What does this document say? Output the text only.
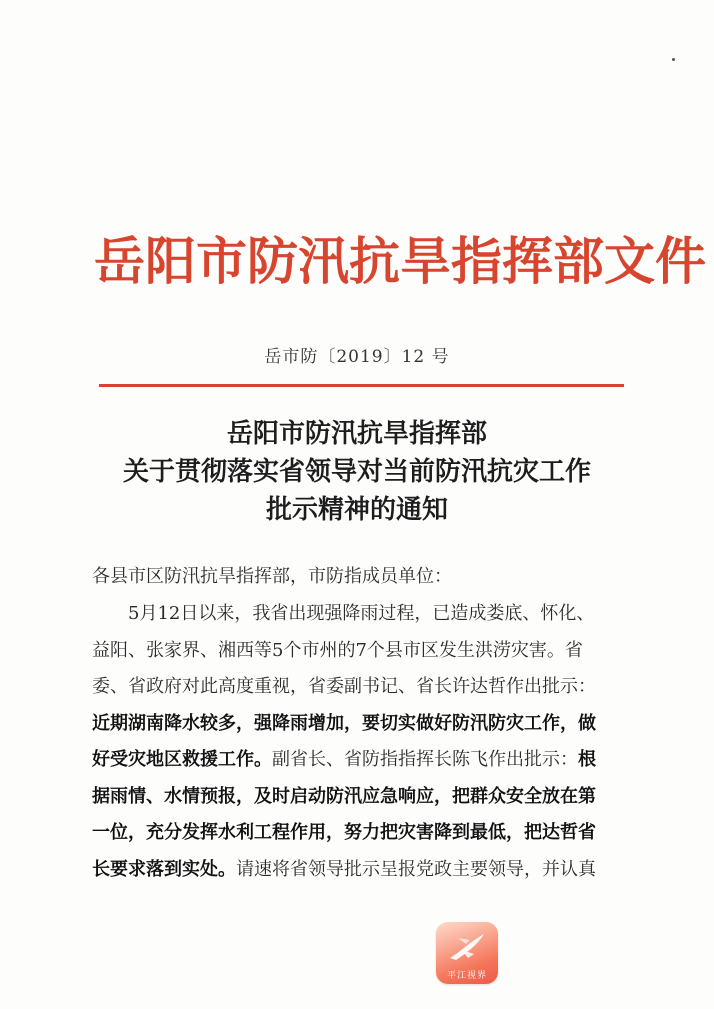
岳阳市防汛抗旱指挥部文件
岳市防〔2019〕12 号
岳阳市防汛抗旱指挥部
关于贯彻落实省领导对当前防汛抗灾工作
批示精神的通知
各县市区防汛抗旱指挥部，市防指成员单位：
5月12日以来，我省出现强降雨过程，已造成娄底、怀化、
益阳、张家界、湘西等5个市州的7个县市区发生洪涝灾害。省
委、省政府对此高度重视，省委副书记、省长许达哲作出批示：
近期湖南降水较多，强降雨增加，要切实做好防汛防灾工作，做
好受灾地区救援工作。副省长、省防指指挥长陈飞作出批示：根
据雨情、水情预报，及时启动防汛应急响应，把群众安全放在第
一位，充分发挥水利工程作用，努力把灾害降到最低，把达哲省
长要求落到实处。请速将省领导批示呈报党政主要领导，并认真
平江视界
